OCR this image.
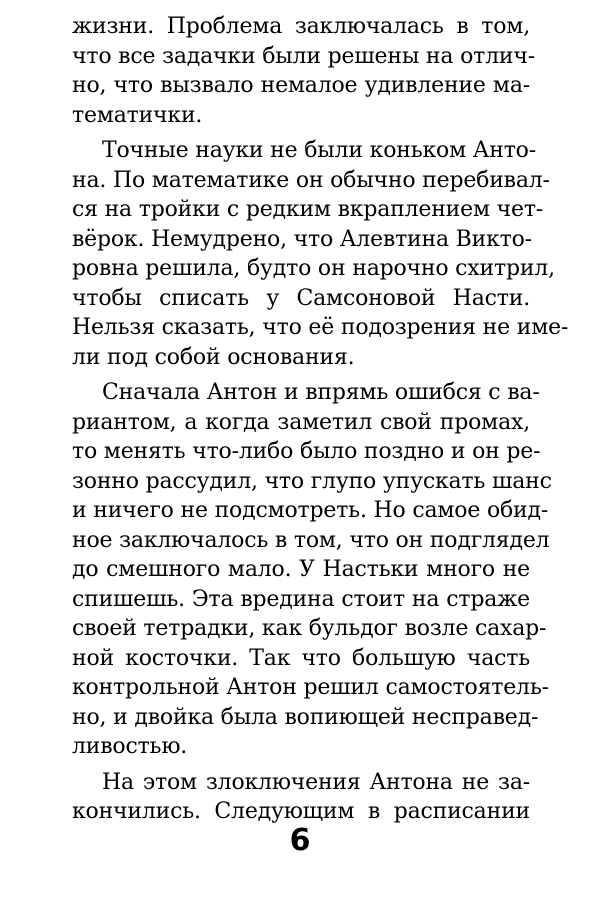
жизни. Проблема заключалась в том,
что все задачки были решены на отлич-
но, что вызвало немалое удивление ма-
тематички.
Точные науки не были коньком Анто-
на. По математике он обычно перебивал-
ся на тройки с редким вкраплением чет-
вёрок. Немудрено, что Алевтина Викто-
ровна решила, будто он нарочно схитрил,
чтобы списать у Самсоновой Насти.
Нельзя сказать, что её подозрения не име-
ли под собой основания.
Сначала Антон и впрямь ошибся с ва-
риантом, а когда заметил свой промах,
то менять что-либо было поздно и он ре-
зонно рассудил, что глупо упускать шанс
и ничего не подсмотреть. Но самое обид-
ное заключалось в том, что он подглядел
до смешного мало. У Настьки много не
спишешь. Эта вредина стоит на страже
своей тетрадки, как бульдог возле сахар-
ной косточки. Так что большую часть
контрольной Антон решил самостоятель-
но, и двойка была вопиющей несправед-
ливостью.
На этом злоключения Антона не за-
кончились. Следующим в расписании
6
